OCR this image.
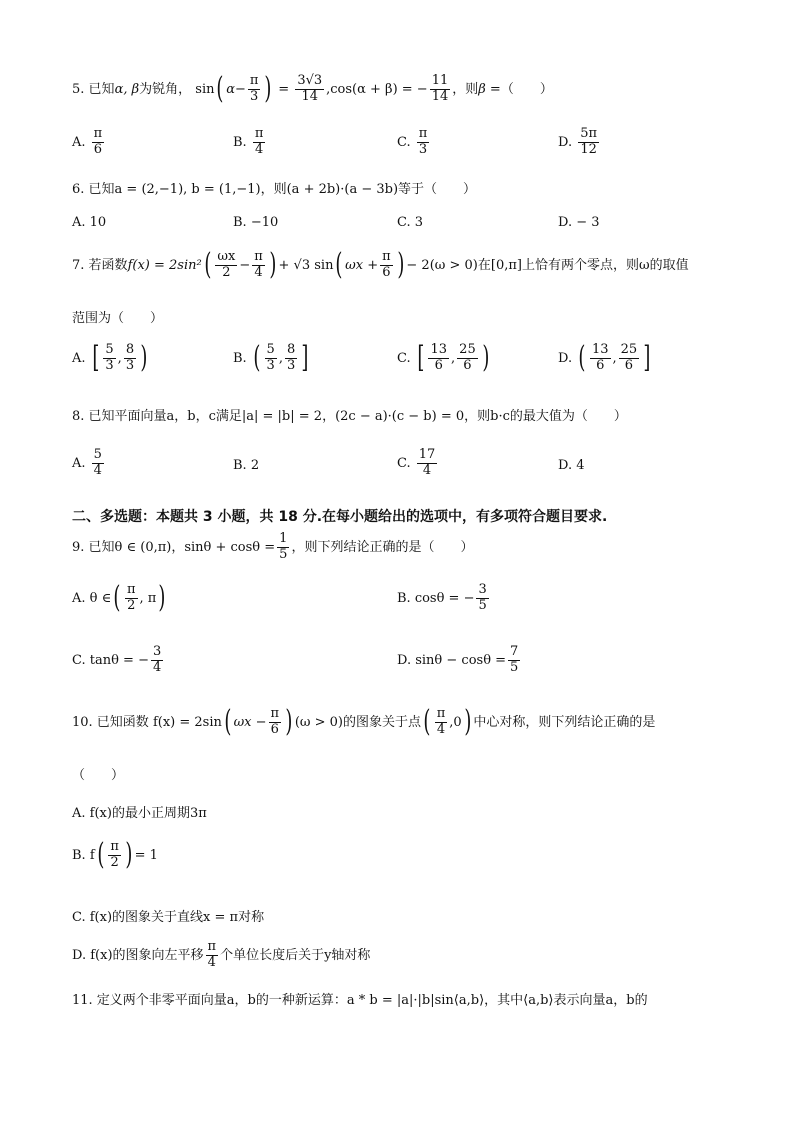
5. 已知α, β为锐角， sin( $\alpha- \frac{\pi}{3}$ ) = $\frac{3√3}{14} ,\cos(\alpha + \beta)$ = − $\frac{11}{14}$ ，则β =（　　）
A. $\frac{\pi}{6}$	B. $\frac{\pi}{4}$	C. $\frac{\pi}{3}$	D. $\frac{5\pi}{12}$
6. 已知a = (2,−1), b = (1,−1)，则(a + 2b)·(a − 3b)等于（　　）
A. 10	B. −10	C. 3	D. − 3
7. 若函数$f(x) = 2\sin^2( \frac{\omega x}{2} - \frac{\pi}{4}$ ) + √3 sin( $\omega x + \frac{\pi}{6}$ ) − 2(ω > 0)在[0,π]上恰有两个零点，则ω的取值
范围为（　　）
A. [ $\frac{5}{3}$ , $\frac{8}{3}$ )	B. ( $\frac{5}{3}$ , $\frac{8}{3}$ ]	C. [ $\frac{13}{6}$ , $\frac{25}{6}$ )	D. ( $\frac{13}{6}$ , $\frac{25}{6}$ ]
8. 已知平面向量a，b，c满足|a| = |b| = 2，(2c − a)·(c − b) = 0，则b·c的最大值为（　　）
A. $\frac{5}{4}$	B. 2	C. $\frac{17}{4}$	D. 4
二、多选题：本题共 3 小题，共 18 分.在每小题给出的选项中，有多项符合题目要求.
9. 已知θ ∈ (0,π)，$\sin\theta + \cos\theta = \frac{1}{5}$ ，则下列结论正确的是（　　）
A. θ ∈( $\frac{\pi}{2}$ , π)	B. cosθ = − $\frac{3}{5}$
C. tanθ = − $\frac{3}{4}$	D. $\sin\theta - \cos\theta = \frac{7}{5}$
10. 已知函数 f(x) = 2sin( $\omega x - \frac{\pi}{6}$ ) (ω > 0)的图象关于点( $\frac{\pi}{4} ,0$) 中心对称，则下列结论正确的是
（　　）
A. f(x)的最小正周期3π
B. $f( \frac{\pi}{2}$ ) = 1
C. f(x)的图象关于直线x = π对称
D. f(x)的图象向左平移 $\frac{\pi}{4}$ 个单位长度后关于y轴对称
11. 定义两个非零平面向量a，b的一种新运算：a * b = |a|·|b|sin⟨a,b⟩，其中⟨a,b⟩表示向量a，b的
